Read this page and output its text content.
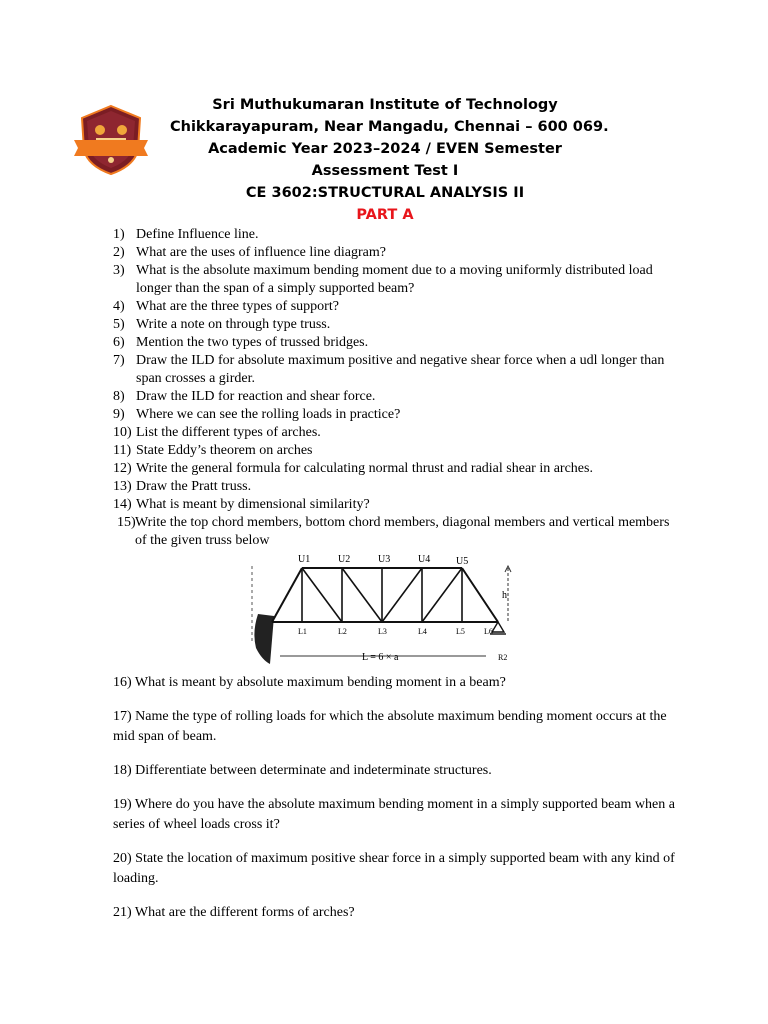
Sri Muthukumaran Institute of Technology
Chikkarayapuram, Near Mangadu, Chennai – 600 069.
Academic Year 2023–2024 / EVEN Semester
Assessment Test I
CE 3602:STRUCTURAL ANALYSIS II
PART A
1) Define Influence line.
2) What are the uses of influence line diagram?
3) What is the absolute maximum bending moment due to a moving uniformly distributed load longer than the span of a simply supported beam?
4) What are the three types of support?
5) Write a note on through type truss.
6) Mention the two types of trussed bridges.
7) Draw the ILD for absolute maximum positive and negative shear force when a udl longer than span crosses a girder.
8) Draw the ILD for reaction and shear force.
9) Where we can see the rolling loads in practice?
10) List the different types of arches.
11) State Eddy’s theorem on arches
12) Write the general formula for calculating normal thrust and radial shear in arches.
13) Draw the Pratt truss.
14) What is meant by dimensional similarity?
15) Write the top chord members, bottom chord members, diagonal members and vertical members of the given truss below
U1	U2	U3	U4	U5
L1	L2	L3	L4	L5 L6
h
L = 6 × a	R2
16) What is meant by absolute maximum bending moment in a beam?
17) Name the type of rolling loads for which the absolute maximum bending moment occurs at the mid span of beam.
18) Differentiate between determinate and indeterminate structures.
19) Where do you have the absolute maximum bending moment in a simply supported beam when a series of wheel loads cross it?
20) State the location of maximum positive shear force in a simply supported beam with any kind of loading.
21) What are the different forms of arches?
